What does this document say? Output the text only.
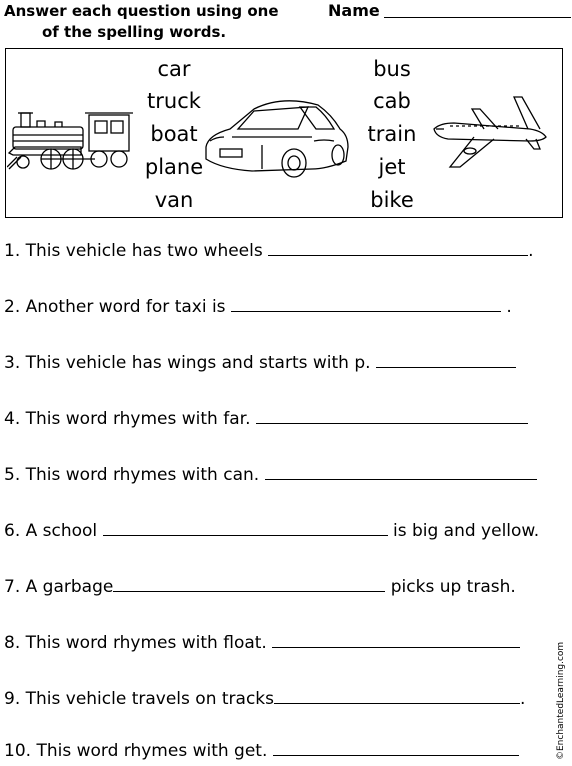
Answer each question using one
of the spelling words.
Name
car
truck
boat
plane
van
bus
cab
train
jet
bike
1. This vehicle has two wheels	.
2. Another word for taxi is	.
3. This vehicle has wings and starts with p.
4. This word rhymes with far.
5. This word rhymes with can.
6. A school	is big and yellow.
7. A garbage	picks up trash.
8. This word rhymes with float.
9. This vehicle travels on tracks	.
10. This word rhymes with get.	©EnchantedLearning.com
